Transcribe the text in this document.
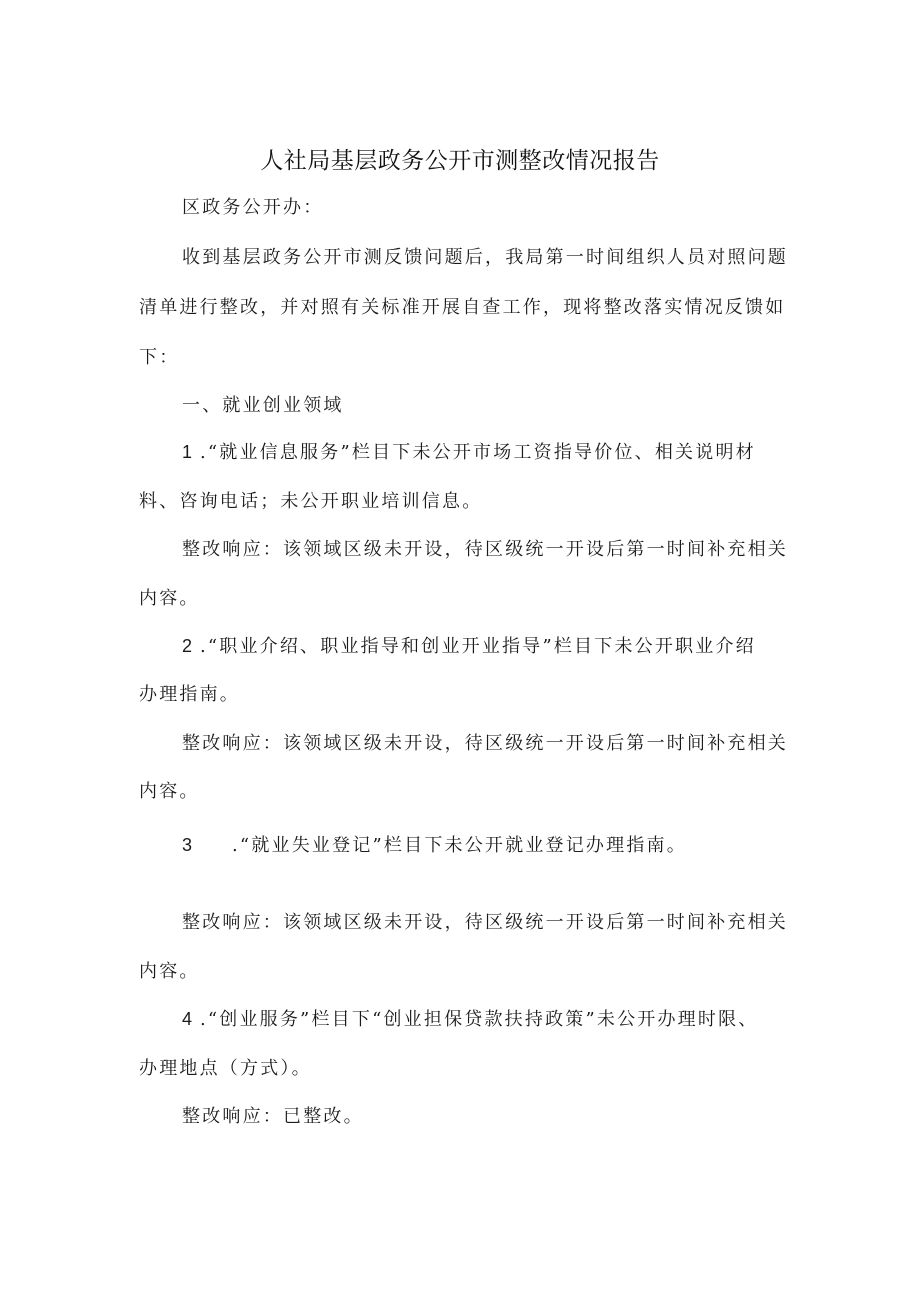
人社局基层政务公开市测整改情况报告
区政务公开办：
收到基层政务公开市测反馈问题后，我局第一时间组织人员对照问题
清单进行整改，并对照有关标准开展自查工作，现将整改落实情况反馈如
下：
一、就业创业领域
1 .“就业信息服务”栏目下未公开市场工资指导价位、相关说明材
料、咨询电话；未公开职业培训信息。
整改响应：该领域区级未开设，待区级统一开设后第一时间补充相关
内容。
2 .“职业介绍、职业指导和创业开业指导”栏目下未公开职业介绍
办理指南。
整改响应：该领域区级未开设，待区级统一开设后第一时间补充相关
内容。
3 .“就业失业登记”栏目下未公开就业登记办理指南。
整改响应：该领域区级未开设，待区级统一开设后第一时间补充相关
内容。
4 .“创业服务”栏目下“创业担保贷款扶持政策”未公开办理时限、
办理地点（方式）。
整改响应：已整改。
